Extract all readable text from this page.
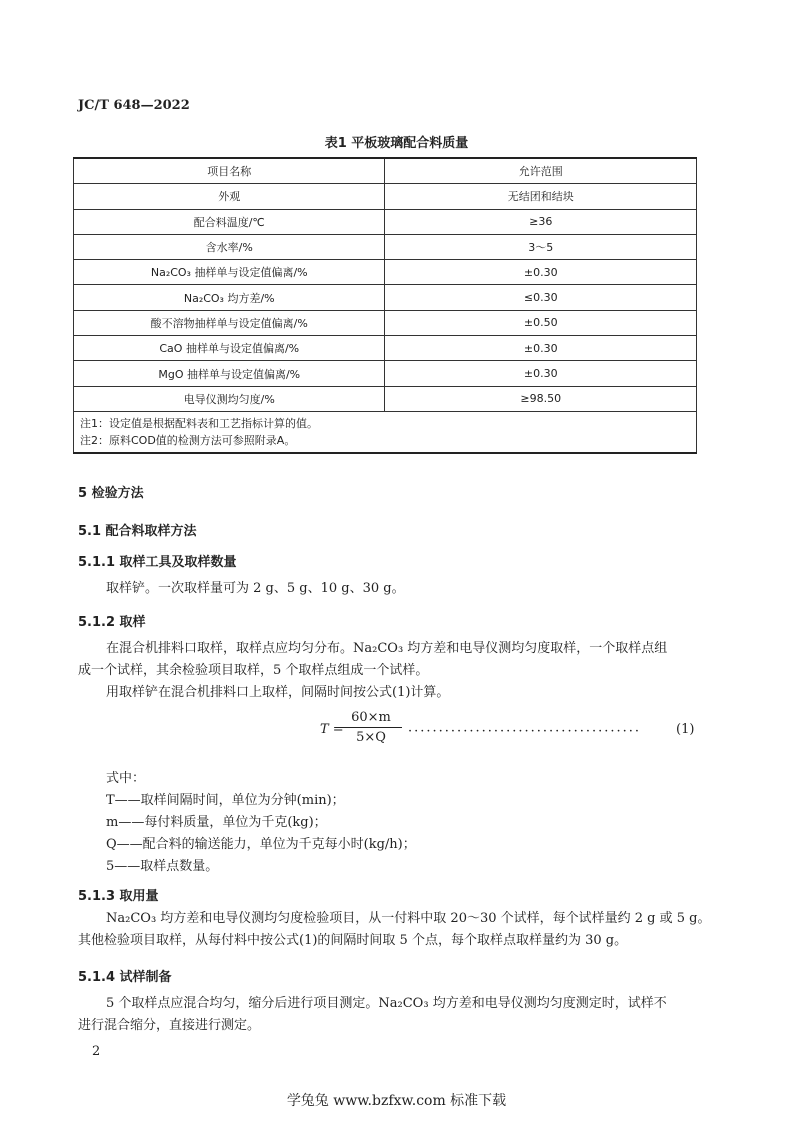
JC/T 648—2022
表1 平板玻璃配合料质量
项目名称	允许范围
外观	无结团和结块
配合料温度/℃	≥36
含水率/%	3～5
Na₂CO₃ 抽样单与设定值偏离/%	±0.30
Na₂CO₃ 均方差/%	≤0.30
酸不溶物抽样单与设定值偏离/%	±0.50
CaO 抽样单与设定值偏离/%	±0.30
MgO 抽样单与设定值偏离/%	±0.30
电导仪测均匀度/%	≥98.50

注1：设定值是根据配料表和工艺指标计算的值。
注2：原料COD值的检测方法可参照附录A。	
5 检验方法
5.1 配合料取样方法
5.1.1 取样工具及取样数量
取样铲。一次取样量可为 2 g、5 g、10 g、30 g。
5.1.2 取样
在混合机排料口取样，取样点应均匀分布。Na₂CO₃ 均方差和电导仪测均匀度取样，一个取样点组
成一个试样，其余检验项目取样，5 个取样点组成一个试样。
用取样铲在混合机排料口上取样，间隔时间按公式(1)计算。
T =
$\frac{60\times m}{5\times Q}$ ······································	(1)
式中：
T——取样间隔时间，单位为分钟(min)；
m——每付料质量，单位为千克(kg)；
Q——配合料的输送能力，单位为千克每小时(kg/h)；
5——取样点数量。
5.1.3 取用量
Na₂CO₃ 均方差和电导仪测均匀度检验项目，从一付料中取 20～30 个试样，每个试样量约 2 g 或 5 g。
其他检验项目取样，从每付料中按公式(1)的间隔时间取 5 个点，每个取样点取样量约为 30 g。
5.1.4 试样制备
5 个取样点应混合均匀，缩分后进行项目测定。Na₂CO₃ 均方差和电导仪测均匀度测定时，试样不
进行混合缩分，直接进行测定。
2
学兔兔 www.bzfxw.com 标准下载
